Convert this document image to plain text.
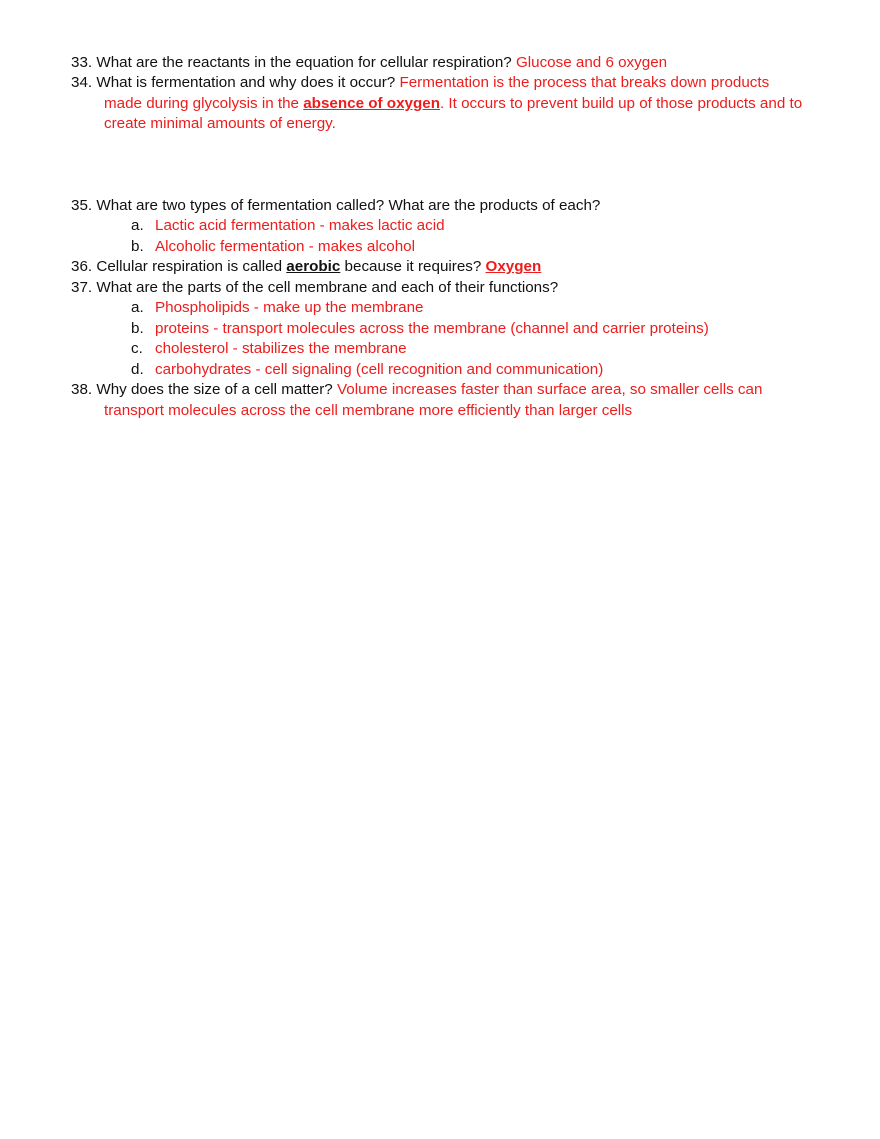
33. What are the reactants in the equation for cellular respiration? Glucose and 6 oxygen
34. What is fermentation and why does it occur? Fermentation is the process that breaks down products
made during glycolysis in the absence of oxygen. It occurs to prevent build up of those products and to
create minimal amounts of energy.
35. What are two types of fermentation called? What are the products of each?
a. Lactic acid fermentation - makes lactic acid
b. Alcoholic fermentation - makes alcohol
36. Cellular respiration is called aerobic because it requires? Oxygen
37. What are the parts of the cell membrane and each of their functions?
a. Phospholipids - make up the membrane
b. proteins - transport molecules across the membrane (channel and carrier proteins)
c. cholesterol - stabilizes the membrane
d. carbohydrates - cell signaling (cell recognition and communication)
38. Why does the size of a cell matter? Volume increases faster than surface area, so smaller cells can
transport molecules across the cell membrane more efficiently than larger cells
